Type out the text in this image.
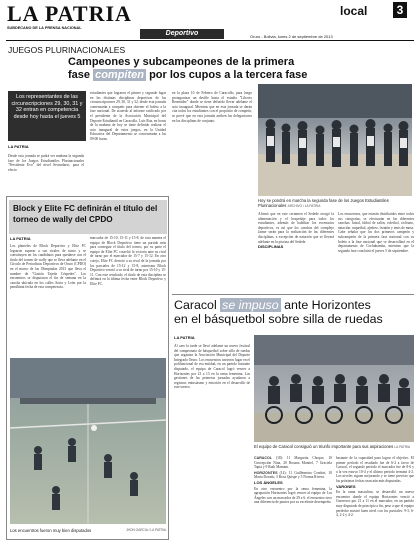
LA PATRIA
SUBDECANO DE LA PRENSA NACIONAL
local	3
Deportivo	Oruro - Bolivia, lunes 2 de septiembre de 2013
JUEGOS PLURINACIONALES
Campeones y subcampeones de la primera
fase compiten por los cupos a la tercera fase
Los representantes de las circunscripciones 29, 30, 31 y 32 entran en competencia desde hoy hasta el jueves 5
LA PATRIA
Desde esta jornada se podrá ver mañana la segunda fase de los Juegos Estudiantiles Plurinacionales "Presidente Evo" del nivel Secundario, para el efecto
estudiantes que lograron el primer y segundo lugar en las distintas disciplinas deportivas de las circunscripciones 29, 30, 31 y 32, desde esta jornada comenzarán a competir para obtener el boleto a la fase nacional. De acuerdo al informe ratificado por el presidente de la Asociación Municipal del Deporte Estudiantil en Caracollo, Luis Roa, en horas de la mañana de hoy se tiene definido realizar el acto inaugural de estos juegos, en la Unidad Educativa del Departamento se concentrarán a las 09:00 horas.
en la plaza 10 de Febrero de Caracollo, para luego protagonizar un desfile hasta el estadio "Liborio Bermúdez" donde se tiene definido llevar adelante el acto inaugural. Mientras que en esta jornada se darán cita todos los estudiantes con el propósito de competir, se prevé que en esta jornada arriben las delegaciones en las disciplinas de conjunto.
Hoy se pondrá en marcha la segunda fase de los Juegos Estudiantiles Plurinacionales ARCHIVO / LA PATRIA

Afirmó que en este certamen el Sedede otorgó la alimentación y el hospedaje para todos los estudiantes, además de habilitar los escenarios deportivos, es así que los canchas del complejo Jaime serán para la realización de las diferentes disciplinas, a excepción de natación que se llevará adelante en la piscina del Sedede.

DISCIPLINAS

Los encuentros, que estarán distribuidos entre todos sus categorías, se efectuarán en las diferentes canchas: futsal, fútbol de salón, voleibol, ciclismo, natación, raquetbol, ajedrez, frontón y tenis de mesa. Cabe señalar que los dos primeros campeón y subcampeón de la primera fase nacional con su boleto a la fase nacional que se desarrollará en el departamento de Cochabamba, mientras que la segunda fase concluirá el jueves 5 de septiembre.
Block y Elite FC definirán el título del torneo de wally del CPDO
LA PATRIA
Los planteles de Block Deportivo y Elite FC lograron superar a sus rivales de turno y se constituyen en los candidatos para quedarse con el título del torneo de wally que se lleva adelante en el Círculo de Periodistas Deportivos de Oruro (CPDO) en el marco de las Olimpiadas 2013 que lleva el nombre de "Gastón Tajeda Céspedes". Los encuentros se disputaron el fin de semana en la cancha ubicada en los calles Soria y León por la penúltima fecha de esta competencia.
marcador de 15-10, 15-11 y 15-8, de esta manera el equipo de Block Deportivo tiene un partido más para conseguir el título del torneo, por su parte el equipo de Elite FC cosechó la victoria ante su rival de turno por el marcador de 15-7 y 15-12. En otro cotejo, Elite FC derrotó a su rival de la jornada por los parciales de 15-12 y 15-8, asimismo Block Deportivo venció a su rival de turno por 15-10 y 15-11. Con este resultado, el título de esta disciplina se definirá en la última fecha entre Block Deportivo y Elite FC.
Los encuentros fueron muy bien disputados	JHON GARCIA / LA PATRIA
Caracol se impuso ante Horizontes
en el básquetbol sobre silla de ruedas
LA PATRIA
Al caer la tarde se llevó adelante un nuevo festival del campeonato de básquetbol sobre silla de ruedas que organiza la Asociación Municipal del Deporte Integrado Oruro. Los encuentros tuvieron lugar en el polifuncional de esa entidad, en un partido bastante disputado, el equipo de Caracol logró vencer a Horizontes por 23 a 13 en la rama femenina. Las gestiones de las primeras jornadas ayudaron a registrar, entusiasmo y emoción en el desarrollo de este torneo.
El equipo de Caracol consiguió un triunfo importante para sus aspiraciones LA PATRIA

CARACOL (18): 11 Margarita Choque, 10 Concepción Nina, 20 Rosana Montiel, 7 Graciela Tapia y 9 Ruth Mamani.

HORIZONTES (14): 11 Guillermina Condori, 10 Marta Dorado, 3 Rosa Quispe y 5 Norma Rivera.

LOS ÁNGELES

En otro encuentro por la rama femenina, la agrupación Horizontes logró vencer al equipo de Los Ángeles con un marcador de 29 a 6, el encuentro tuvo una diferencia de puntos por su excelente desempeño.

bastante de la capacidad para lograr el objetivo. El primer período el resultado fue de 6-2 a favor de Caracol, el segundo período el marcador fue de 8-6 y a la vez estuvo 10-4 y el último período terminó 4-2. Los niveles siguen mejorando y se tiene previsto que las próximas fechas sean aún más disputadas.

VARONES

En la rama masculina, se desarrolló un nuevo encuentro donde el equipo Horizontes venció a Guerreros por 21 a 11 en el marcador, en un partido muy disputado de principio a fin, pese a que el equipo perdedor mostró buen nivel con los parciales: 9-3, 6-4, 2-2 y 4-2.
